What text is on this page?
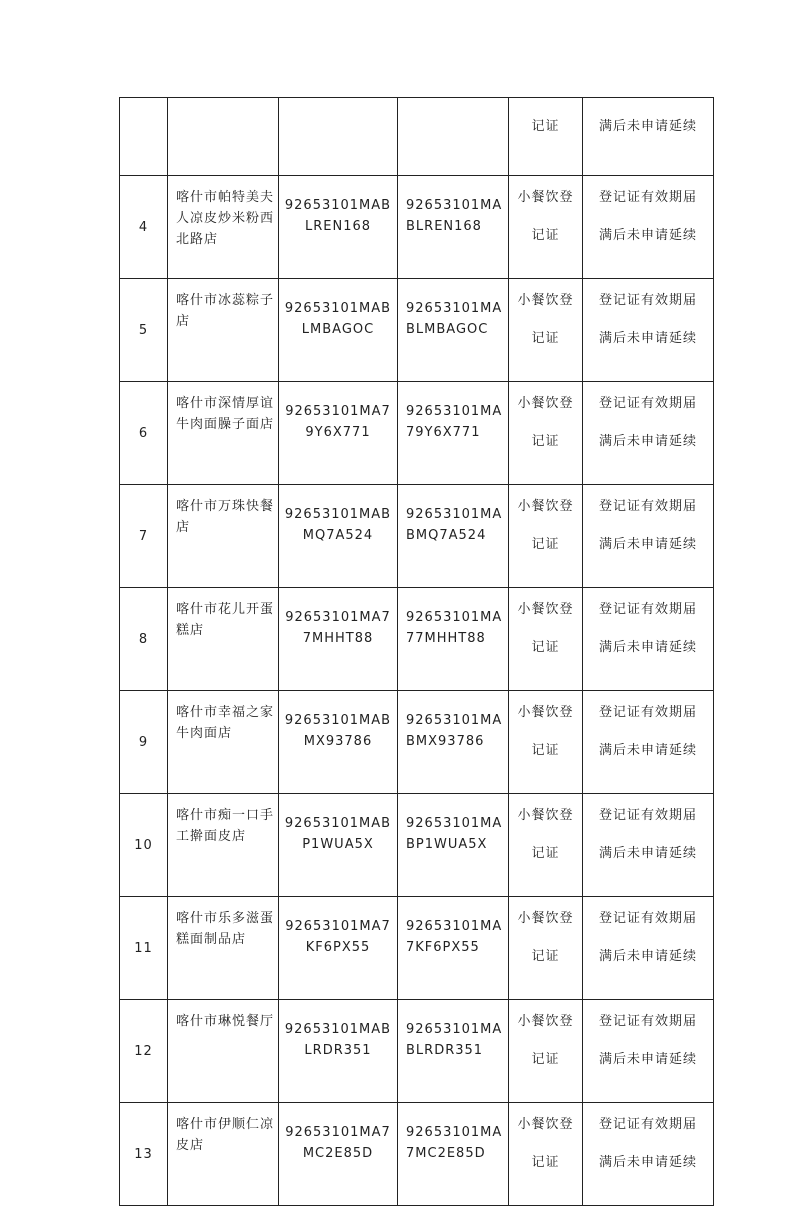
				记证	满后未申请延续
4	喀什市帕特美夫人凉皮炒米粉西北路店	92653101MABLREN168	92653101MABLREN168	小餐饮登
记证	登记证有效期届
满后未申请延续

5	喀什市冰蕊粽子店	92653101MABLMBAGOC	92653101MABLMBAGOC	小餐饮登
记证	登记证有效期届
满后未申请延续

6	喀什市深情厚谊牛肉面臊子面店	92653101MA79Y6X771	92653101MA79Y6X771	小餐饮登
记证	登记证有效期届
满后未申请延续

7	喀什市万珠快餐店	92653101MABMQ7A524	92653101MABMQ7A524	小餐饮登
记证	登记证有效期届
满后未申请延续

8	喀什市花儿开蛋糕店	92653101MA77MHHT88	92653101MA77MHHT88	小餐饮登
记证	登记证有效期届
满后未申请延续

9	喀什市幸福之家牛肉面店	92653101MABMX93786	92653101MABMX93786	小餐饮登
记证	登记证有效期届
满后未申请延续

10	喀什市痴一口手工擀面皮店	92653101MABP1WUA5X	92653101MABP1WUA5X	小餐饮登
记证	登记证有效期届
满后未申请延续

11	喀什市乐多滋蛋糕面制品店	92653101MA7KF6PX55	92653101MA7KF6PX55	小餐饮登
记证	登记证有效期届
满后未申请延续

12	喀什市琳悦餐厅	92653101MABLRDR351	92653101MABLRDR351	小餐饮登
记证	登记证有效期届
满后未申请延续

13	喀什市伊顺仁凉皮店	92653101MA7MC2E85D	92653101MA7MC2E85D	小餐饮登
记证	登记证有效期届
满后未申请延续
